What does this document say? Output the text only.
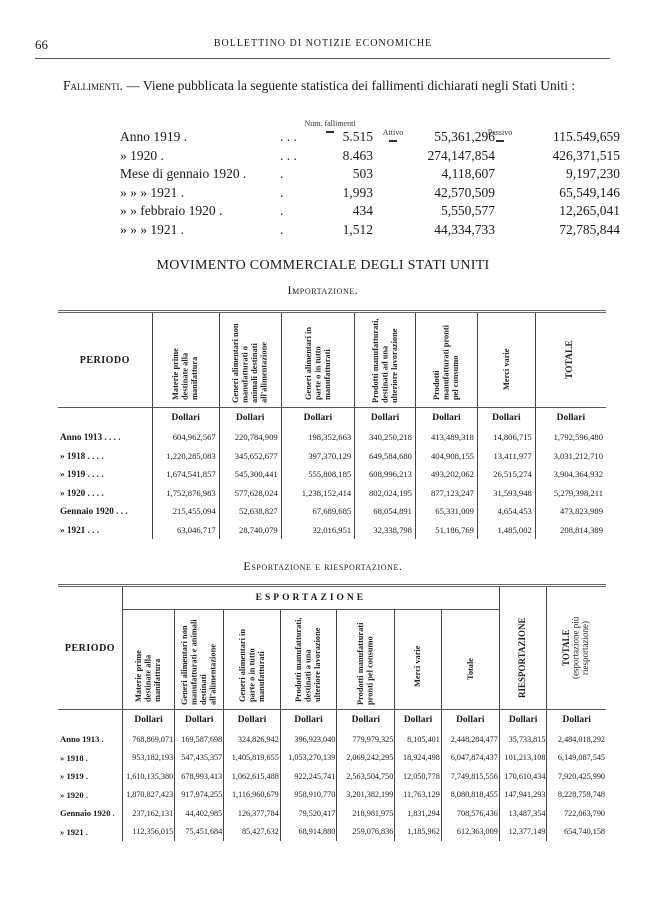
66	BOLLETTINO DI NOTIZIE ECONOMICHE
Fallimenti. — Viene pubblicata la seguente statistica dei fallimenti dichiarati negli Stati Uniti :
Num. fallimenti
Attivo	Passivo
Anno 1919 .	. . .	5.515	55,361,296	115.549,659
» 1920 .	. . .	8.463	274,147,854	426,371,515
Mese di gennaio 1920 .	.	503	4,118,607	9,197,230
» » » 1921 .	.	1,993	42,570,509	65,549,146
» » febbraio 1920 .	.	434	5,550,577	12,265,041
» » » 1921 .	.	1,512	44,334,733	72,785,844
MOVIMENTO COMMERCIALE DEGLI STATI UNITI
Importazione.
PERIODO	Materie prime destinate alla manifattura	Generi alimentari non manufatturati o animali destinati all'alimentazione	Generi alimentari in parte o in tutto manufatturati	Prodotti manufatturati, destinati ad una ulteriore lavorazione	Prodotti manufatturati pronti pel consumo	Merci varie	TOTALE

	Dollari	Dollari	Dollari	Dollari	Dollari	Dollari	Dollari
Anno 1913 . . . .	604,962,567	220,784,909	198,352,663	340,250,218	413,489,318	14,806,715	1,792,596,480
» 1918 . . . .	1,220,285,083	345,652,677	397,370,129	649,584,680	404,908,155	13,411,977	3,031,212,710
» 1919 . . . .	1,674,541,857	545,300,441	555,808,185	608,996,213	493,202,062	26,515,274	3,904,364,932
» 1920 . . . .	1,752,876,983	577,628,024	1,238,152,414	802,024,195	877,123,247	31,593,948	5,279,398,211
Gennaio 1920 . . .	215,455,094	52,638,827	67,689,685	68,054,891	65,331,009	4,654,453	473,823,989
» 1921 . . .	63,046,717	28,740,079	32,016,951	32,338,798	51,186,769	1,485,002	208,814,389
Esportazione e riesportazione.
PERIODO	ESPORTAZIONE							RIESPORTAZIONE	TOTALE
(esportazione più riesportazione)

	Materie prime destinate alla manifattura	Generi alimentari non manufatturati e animali destinati all'alimentazione	Generi alimentari in parte o in tutto manufatturati	Prodotti manufatturati, destinati a una ulteriore lavorazione	Prodotti manufatturati pronti pel consumo	Merci varie	Totale		

	Dollari	Dollari	Dollari	Dollari	Dollari	Dollari	Dollari	Dollari	Dollari
Anno 1913 .	768,869,071	169,587,698	324,826,942	396,923,040	779,979,325	8,105,401	2,448,284,477	35,733,815	2,484,018,292
» 1918 .	953,182,193	547,435,357	1,405,819,655	1,053,270,139	2,069,242,295	18,924,498	6,047,874,437	101,213,108	6,149,087,545
» 1919 .	1,610,135,380	678,993,413	1,062,615,488	922,245,741	2,563,504,750	12,050,778	7,749,815,556	170,610,434	7,920,425,990
» 1920 .	1,870,827,423	917,974,255	1,116,960,679	958,910,770	3,201,382,199	11,763,129	8,080,818,455	147,941,293	8,228,759,748
Gennaio 1920 .	237,162,131	44,402,985	126,377,784	79,520,417	218,981,975	1,831,294	708,576,436	13,487,354	722,063,790
» 1921 .	112,356,015	75,451,684	85,427,632	68,914,880	259,076,836	1,185,962	612,363,009	12,377,149	654,740,158
